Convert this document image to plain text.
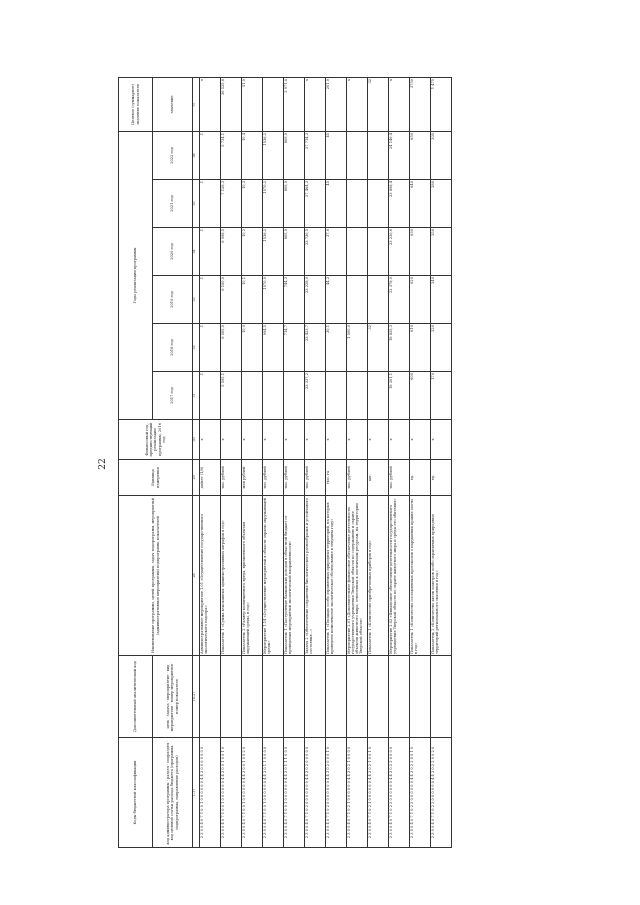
22
Коды бюджетной классификации	Дополнительный аналитический код	Наименование программы, целей программы, задач подпрограмм, мероприятий (административных мероприятий) подпрограмм, показателей	Единица измерения	Финансовый год, предшествующий реализации программы, 2016 год	Годы реализации программы						Целевое (суммарное) значение показателя
код администратора программы · раздел · подраздел · код целевой статьи расхода бюджета (программа, подпрограмма, направление расходов)	цель · задача · мероприятие · вид мероприятия · номер мероприятия · номер показателя				2017 год	2018 год	2019 год	2020 год	2021 год	2022 год	значение
1–17	18–27	28	29	30	31	32	33	34	35	36	37
2 3 0 0 4 0 7 1 0 0 1 0 0 0 0 0 0 4 4 3 0 0 0 0 0 0 0		Административное мероприятие 1.01 «Осуществление государственного экологического надзора»	да/нет (1/0)	х	1	1	1	1	1	1	х
2 3 0 0 4 0 7 1 0 0 1 0 0 0 0 0 0 4 4 3 0 0 1 0 0 1 0		Показатель 1 «Сумма взысканных административных штрафов в год»	тыс. рублей	х	5 595,1	6 005,0	6 100,0	6 098,5	7 128,3	5 734,1	36 525,6
2 3 0 0 4 0 7 1 0 0 1 0 0 0 0 0 0 4 4 3 0 0 1 0 0 2 0		Показатель 2 «Размер возмещенного вреда, причиненного объектам окружающей среды, в год»	млн рублей	х		10,0	10,1	10,2	10,3	10,4	51,0
2 3 0 0 4 0 7 1 0 0 1 0 0 0 0 0 0 4 4 3 0 1 1 0 0 0 0		Мероприятие 1.14 «Осуществление мероприятий в области охраны окружающей среды»	тыс. рублей	х		994,5	1570,9	1536,2	1570,2	1536,2	
2 3 0 0 4 0 7 1 0 0 1 0 0 0 0 0 0 4 4 3 0 1 1 1 0 0 0		Показатель 1 «Поступление банковских доходов в областной бюджет от проведения мероприятий экологической направленности»	тыс. рублей	х		714,7	744,3	805,9	809,9	809,9	3 971,0
2 3 0 0 4 0 7 1 0 2 0 0 0 0 0 0 0 4 4 3 0 2 0 0 0 0 0		Задача 2 «Обеспечение сохранения биологического разнообразия и устойчивого состояния...»	тыс. рублей	х	23 337,2	23 423,7	23 228,0	23 730,5	27 464,3	27 714,3	х
2 3 0 0 4 0 7 1 0 2 0 0 0 0 0 0 0 4 4 3 0 2 0 0 0 1 0		Показатель 1 «Площадь особо охраняемых природных территорий, на которых проведено комплексное экологическое обследование в текущем году»	тыс. га	х		30,1	44,2	37,6	45	45	201,9
2 3 0 0 4 0 7 1 0 2 1 0 0 0 0 0 0 4 4 3 0 2 1 0 0 0 0		Мероприятие 2.01 «Дополнительное финансовое обеспечение деятельности государственного учреждения Тверской области по содержанию и охране объектов животного мира, отнесенных к охотничьим ресурсам, на территории Тверской области»	тыс. рублей	х		1 000,0					х
2 3 0 0 4 0 7 1 0 2 1 0 0 0 0 0 0 4 4 3 0 2 1 0 0 1 0		Показатель 1 «Количество приобретенных приборов в год»	шт.	х		32					32
2 3 0 0 4 0 7 1 0 2 2 0 0 0 0 0 0 4 4 3 0 2 2 0 0 0 0		Мероприятие 2.02 «Финансовое обеспечение деятельности государственного учреждения Тверской области по охране животного мира и среды его обитания»	тыс. рублей	х	18 301,1	18 825,3	22 378,0	23 230,6	23 898,4	24 146,4	х
2 3 0 0 4 0 7 1 0 2 2 0 0 0 0 0 0 4 4 3 0 2 2 0 0 1 0		Показатель 1 «Количество составленных протоколов о нарушении правил охоты в год»	ед.	х	600	610	620	630	640	650	3750
2 3 0 0 4 0 7 1 0 2 2 0 0 0 0 0 0 4 4 3 0 2 2 0 0 2 0		Показатель 2 «Количество актов осмотров особо охраняемых природных территорий регионального значения в год»	ед.	х	170	220	240	250	280	305	1 475
